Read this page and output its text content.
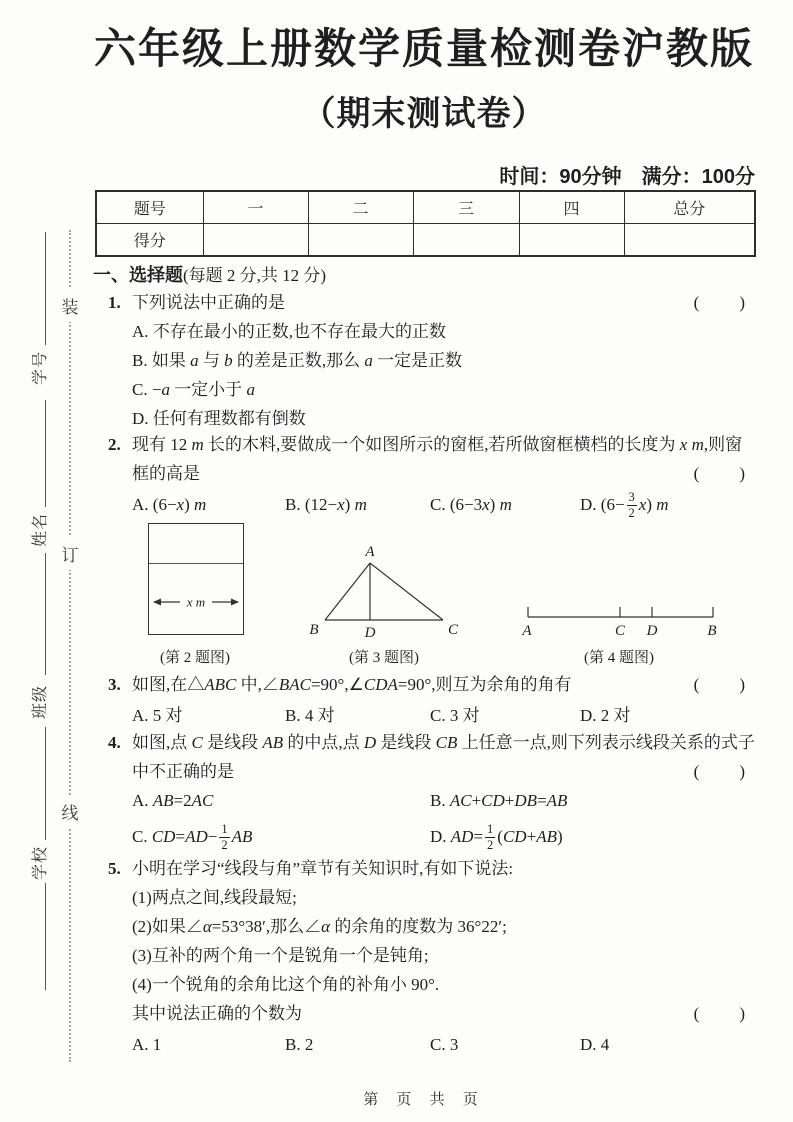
装
订
线
学号
姓名
班级
学校
六年级上册数学质量检测卷沪教版
（期末测试卷）
时间：90分钟　满分：100分
题号	一	二	三	四	总分
得分					
一、选择题(每题 2 分,共 12 分)
1. 下列说法中正确的是	(　　)
A. 不存在最小的正数,也不存在最大的正数
B. 如果 a 与 b 的差是正数,那么 a 一定是正数
C. −a 一定小于 a
D. 任何有理数都有倒数
2. 现有 12 m 长的木料,要做成一个如图所示的窗框,若所做窗框横档的长度为 x m,则窗
框的高是	(　　)
A. (6−x) m	B. (12−x) m	C. (6−3x) m	D. $(6- \frac{3}{2} x)$ m
3. 如图,在△ABC 中,∠BAC=90°,∠CDA=90°,则互为余角的角有	(　　)
A. 5 对	B. 4 对	C. 3 对	D. 2 对
4. 如图,点 C 是线段 AB 的中点,点 D 是线段 CB 上任意一点,则下列表示线段关系的式子
中不正确的是	(　　)
A. AB=2AC	B. AC+CD+DB=AB
C. $CD=AD- \frac{1}{2}$ AB	D. $AD= \frac{1}{2} (CD+AB)$
5. 小明在学习“线段与角”章节有关知识时,有如下说法:
(1)两点之间,线段最短;
(2)如果∠α=53°38′,那么∠α 的余角的度数为 36°22′;
(3)互补的两个角一个是锐角一个是钝角;
(4)一个锐角的余角比这个角的补角小 90°.
其中说法正确的个数为	(　　)
A. 1	B. 2	C. 3	D. 4
x m
(第 2 题图)
A
B	D	C
(第 3 题图)
A	C D	B
(第 4 题图)
第 页 共 页
